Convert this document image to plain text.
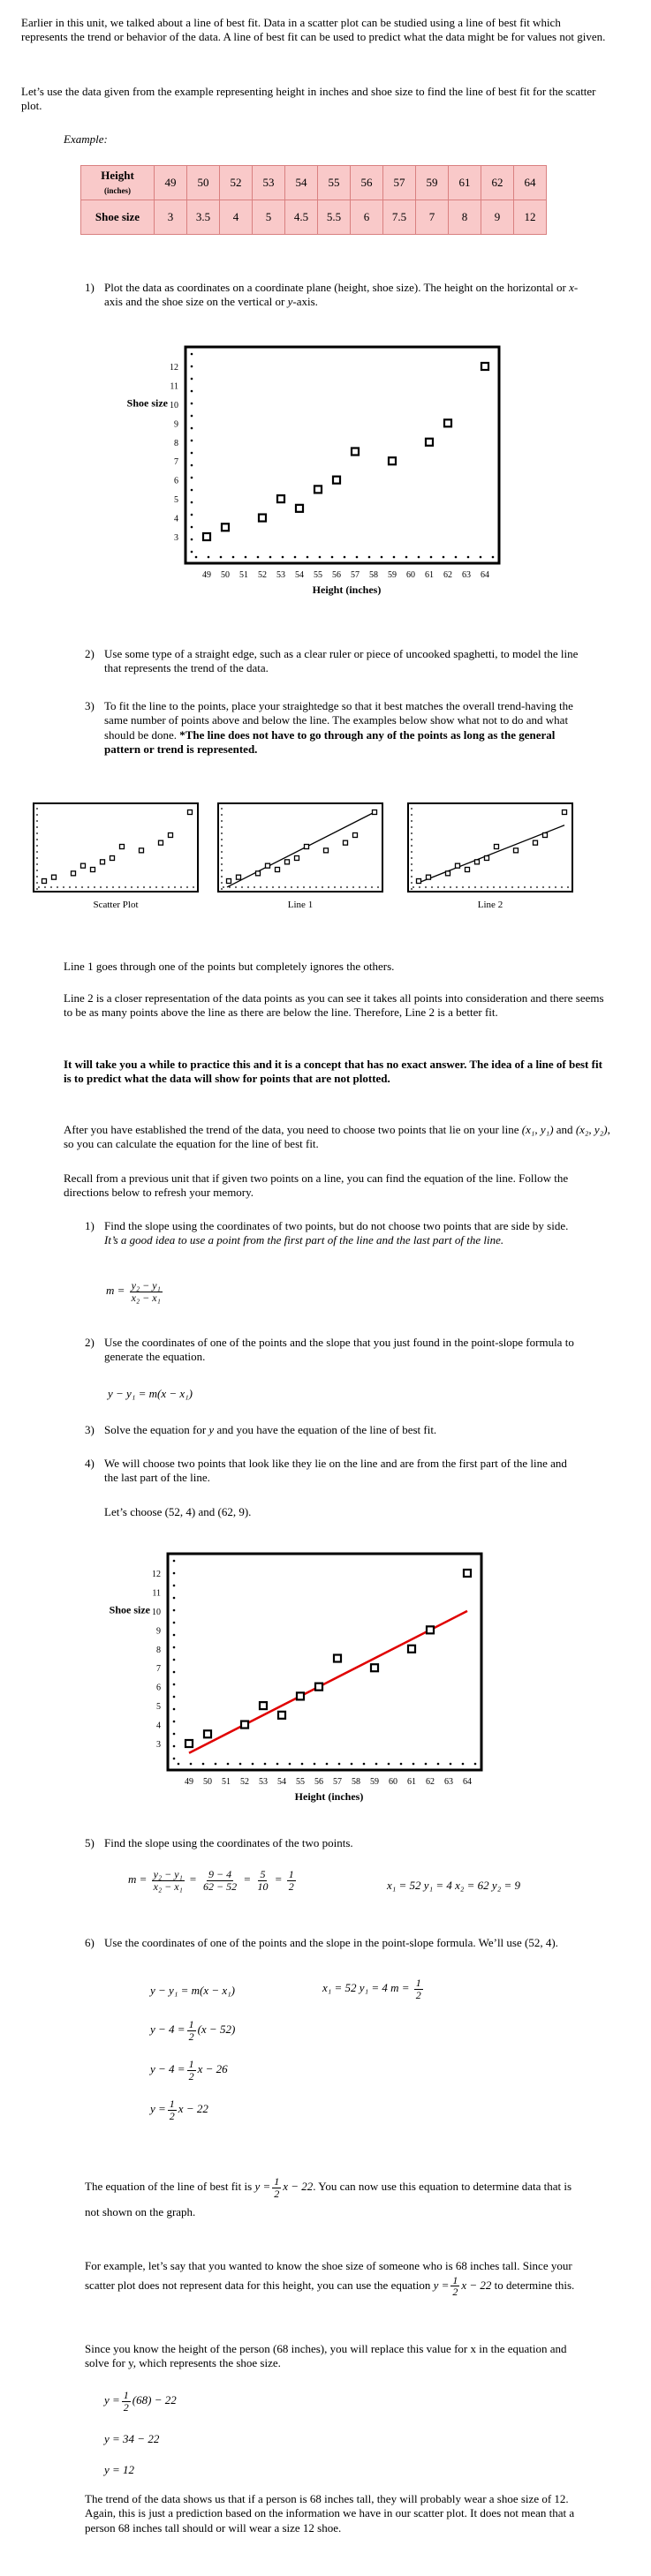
Earlier in this unit, we talked about a line of best fit. Data in a scatter plot can be studied using a line of best fit which represents the trend or behavior of the data. A line of best fit can be used to predict what the data might be for values not given.

Let’s use the data given from the example representing height in inches and shoe size to find the line of best fit for the scatter plot.

Example:

Height
(inches)	49	50	52	53	54	55	56	57	59	61	62	64
Shoe size	3	3.5	4	5	4.5	5.5	6	7.5	7	8	9	12
1) Plot the data as coordinates on a coordinate plane (height, shoe size). The height on the horizontal or x-axis and the shoe size on the vertical or y-axis.

3
4
5
6
7
8
9
10
11
12
49 50 51 52 53 54 55 56 57 58 59 60 61 62 63 64
Shoe size
Height (inches)
2) Use some type of a straight edge, such as a clear ruler or piece of uncooked spaghetti, to model the line that represents the trend of the data.

3) To fit the line to the points, place your straightedge so that it best matches the overall trend-having the same number of points above and below the line. The examples below show what not to do and what should be done. *The line does not have to go through any of the points as long as the general pattern or trend is represented.

Scatter Plot	Line 1	Line 2

Line 1 goes through one of the points but completely ignores the others.

Line 2 is a closer representation of the data points as you can see it takes all points into consideration and there seems to be as many points above the line as there are below the line. Therefore, Line 2 is a better fit.

It will take you a while to practice this and it is a concept that has no exact answer. The idea of a line of best fit is to predict what the data will show for points that are not plotted.

After you have established the trend of the data, you need to choose two points that lie on your line (x₁, y₁) and (x₂, y₂), so you can calculate the equation for the line of best fit.

Recall from a previous unit that if given two points on a line, you can find the equation of the line. Follow the directions below to refresh your memory.

1) Find the slope using the coordinates of two points, but do not choose two points that are side by side. It’s a good idea to use a point from the first part of the line and the last part of the line.

$m = \frac{\text{y₂ − y₁}}{\text{x₂ − x₁}}$
2) Use the coordinates of one of the points and the slope that you just found in the point-slope formula to generate the equation.

y − y₁ = m(x − x₁)

3) Solve the equation for y and you have the equation of the line of best fit.

4) We will choose two points that look like they lie on the line and are from the first part of the line and the last part of the line.

Let’s choose (52, 4) and (62, 9).

3
4
5
6
7
8
9
10
11
12
49 50 51 52 53 54 55 56 57 58 59 60 61 62 63 64
Shoe size
Height (inches)
5) Find the slope using the coordinates of the two points.

$m = \frac{\text{y₂ − y₁}}{\text{x₂ − x₁}} = \frac{9 - 4}{62 - 52} = \frac{5}{10} = \frac{1}{2}$	x₁ = 52 y₁ = 4 x₂ = 62 y₂ = 9

6) Use the coordinates of one of the points and the slope in the point-slope formula. We’ll use (52, 4).

y − y₁ = m(x − x₁)	x₁ = 52 y₁ = 4 $m = \frac{1}{2}$
$y - 4 = \frac{1}{2} (x - 52)$
$y - 4 = \frac{1}{2}$ x − 26
$y = \frac{1}{2}$ x − 22
The equation of the line of best fit is $y = \frac{1}{2}$ x − 22. You can now use this equation to determine data that is not shown on the graph.
For example, let’s say that you wanted to know the shoe size of someone who is 68 inches tall. Since your scatter plot does not represent data for this height, you can use the equation $y = \frac{1}{2}$ x − 22 to determine this.

Since you know the height of the person (68 inches), you will replace this value for x in the equation and solve for y, which represents the shoe size.

$y = \frac{1}{2} (68) - 22$

y = 34 − 22

y = 12

The trend of the data shows us that if a person is 68 inches tall, they will probably wear a shoe size of 12. Again, this is just a prediction based on the information we have in our scatter plot. It does not mean that a person 68 inches tall should or will wear a size 12 shoe.
